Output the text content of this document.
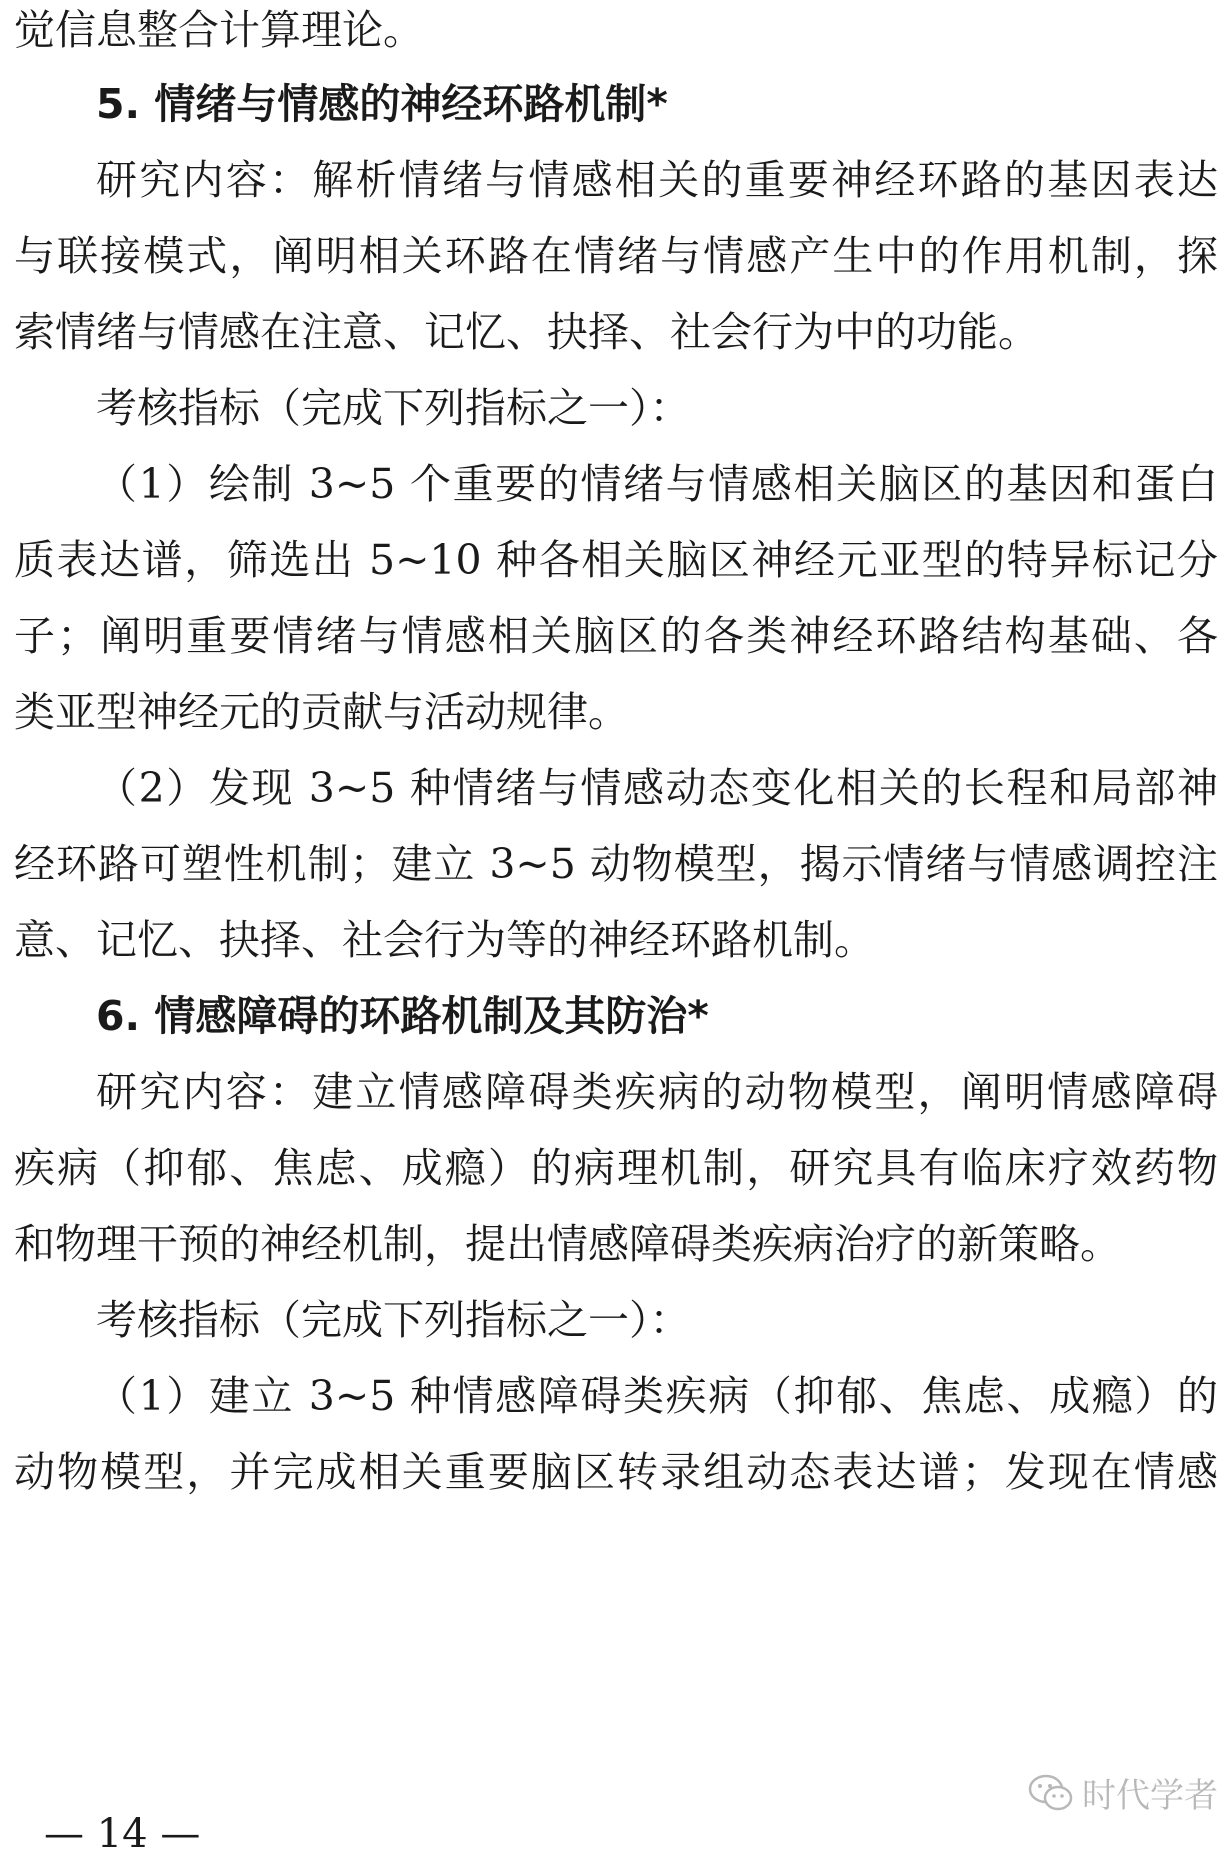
觉信息整合计算理论。
5. 情绪与情感的神经环路机制*
研究内容：解析情绪与情感相关的重要神经环路的基因表达
与联接模式，阐明相关环路在情绪与情感产生中的作用机制，探
索情绪与情感在注意、记忆、抉择、社会行为中的功能。
考核指标（完成下列指标之一）：
（1）绘制 3~5 个重要的情绪与情感相关脑区的基因和蛋白
质表达谱，筛选出 5~10 种各相关脑区神经元亚型的特异标记分
子；阐明重要情绪与情感相关脑区的各类神经环路结构基础、各
类亚型神经元的贡献与活动规律。
（2）发现 3~5 种情绪与情感动态变化相关的长程和局部神
经环路可塑性机制；建立 3~5 动物模型，揭示情绪与情感调控注
意、记忆、抉择、社会行为等的神经环路机制。
6. 情感障碍的环路机制及其防治*
研究内容：建立情感障碍类疾病的动物模型，阐明情感障碍
疾病（抑郁、焦虑、成瘾）的病理机制，研究具有临床疗效药物
和物理干预的神经机制，提出情感障碍类疾病治疗的新策略。
考核指标（完成下列指标之一）：
（1）建立 3~5 种情感障碍类疾病（抑郁、焦虑、成瘾）的
动物模型，并完成相关重要脑区转录组动态表达谱；发现在情感
— 14 —
时代学者
